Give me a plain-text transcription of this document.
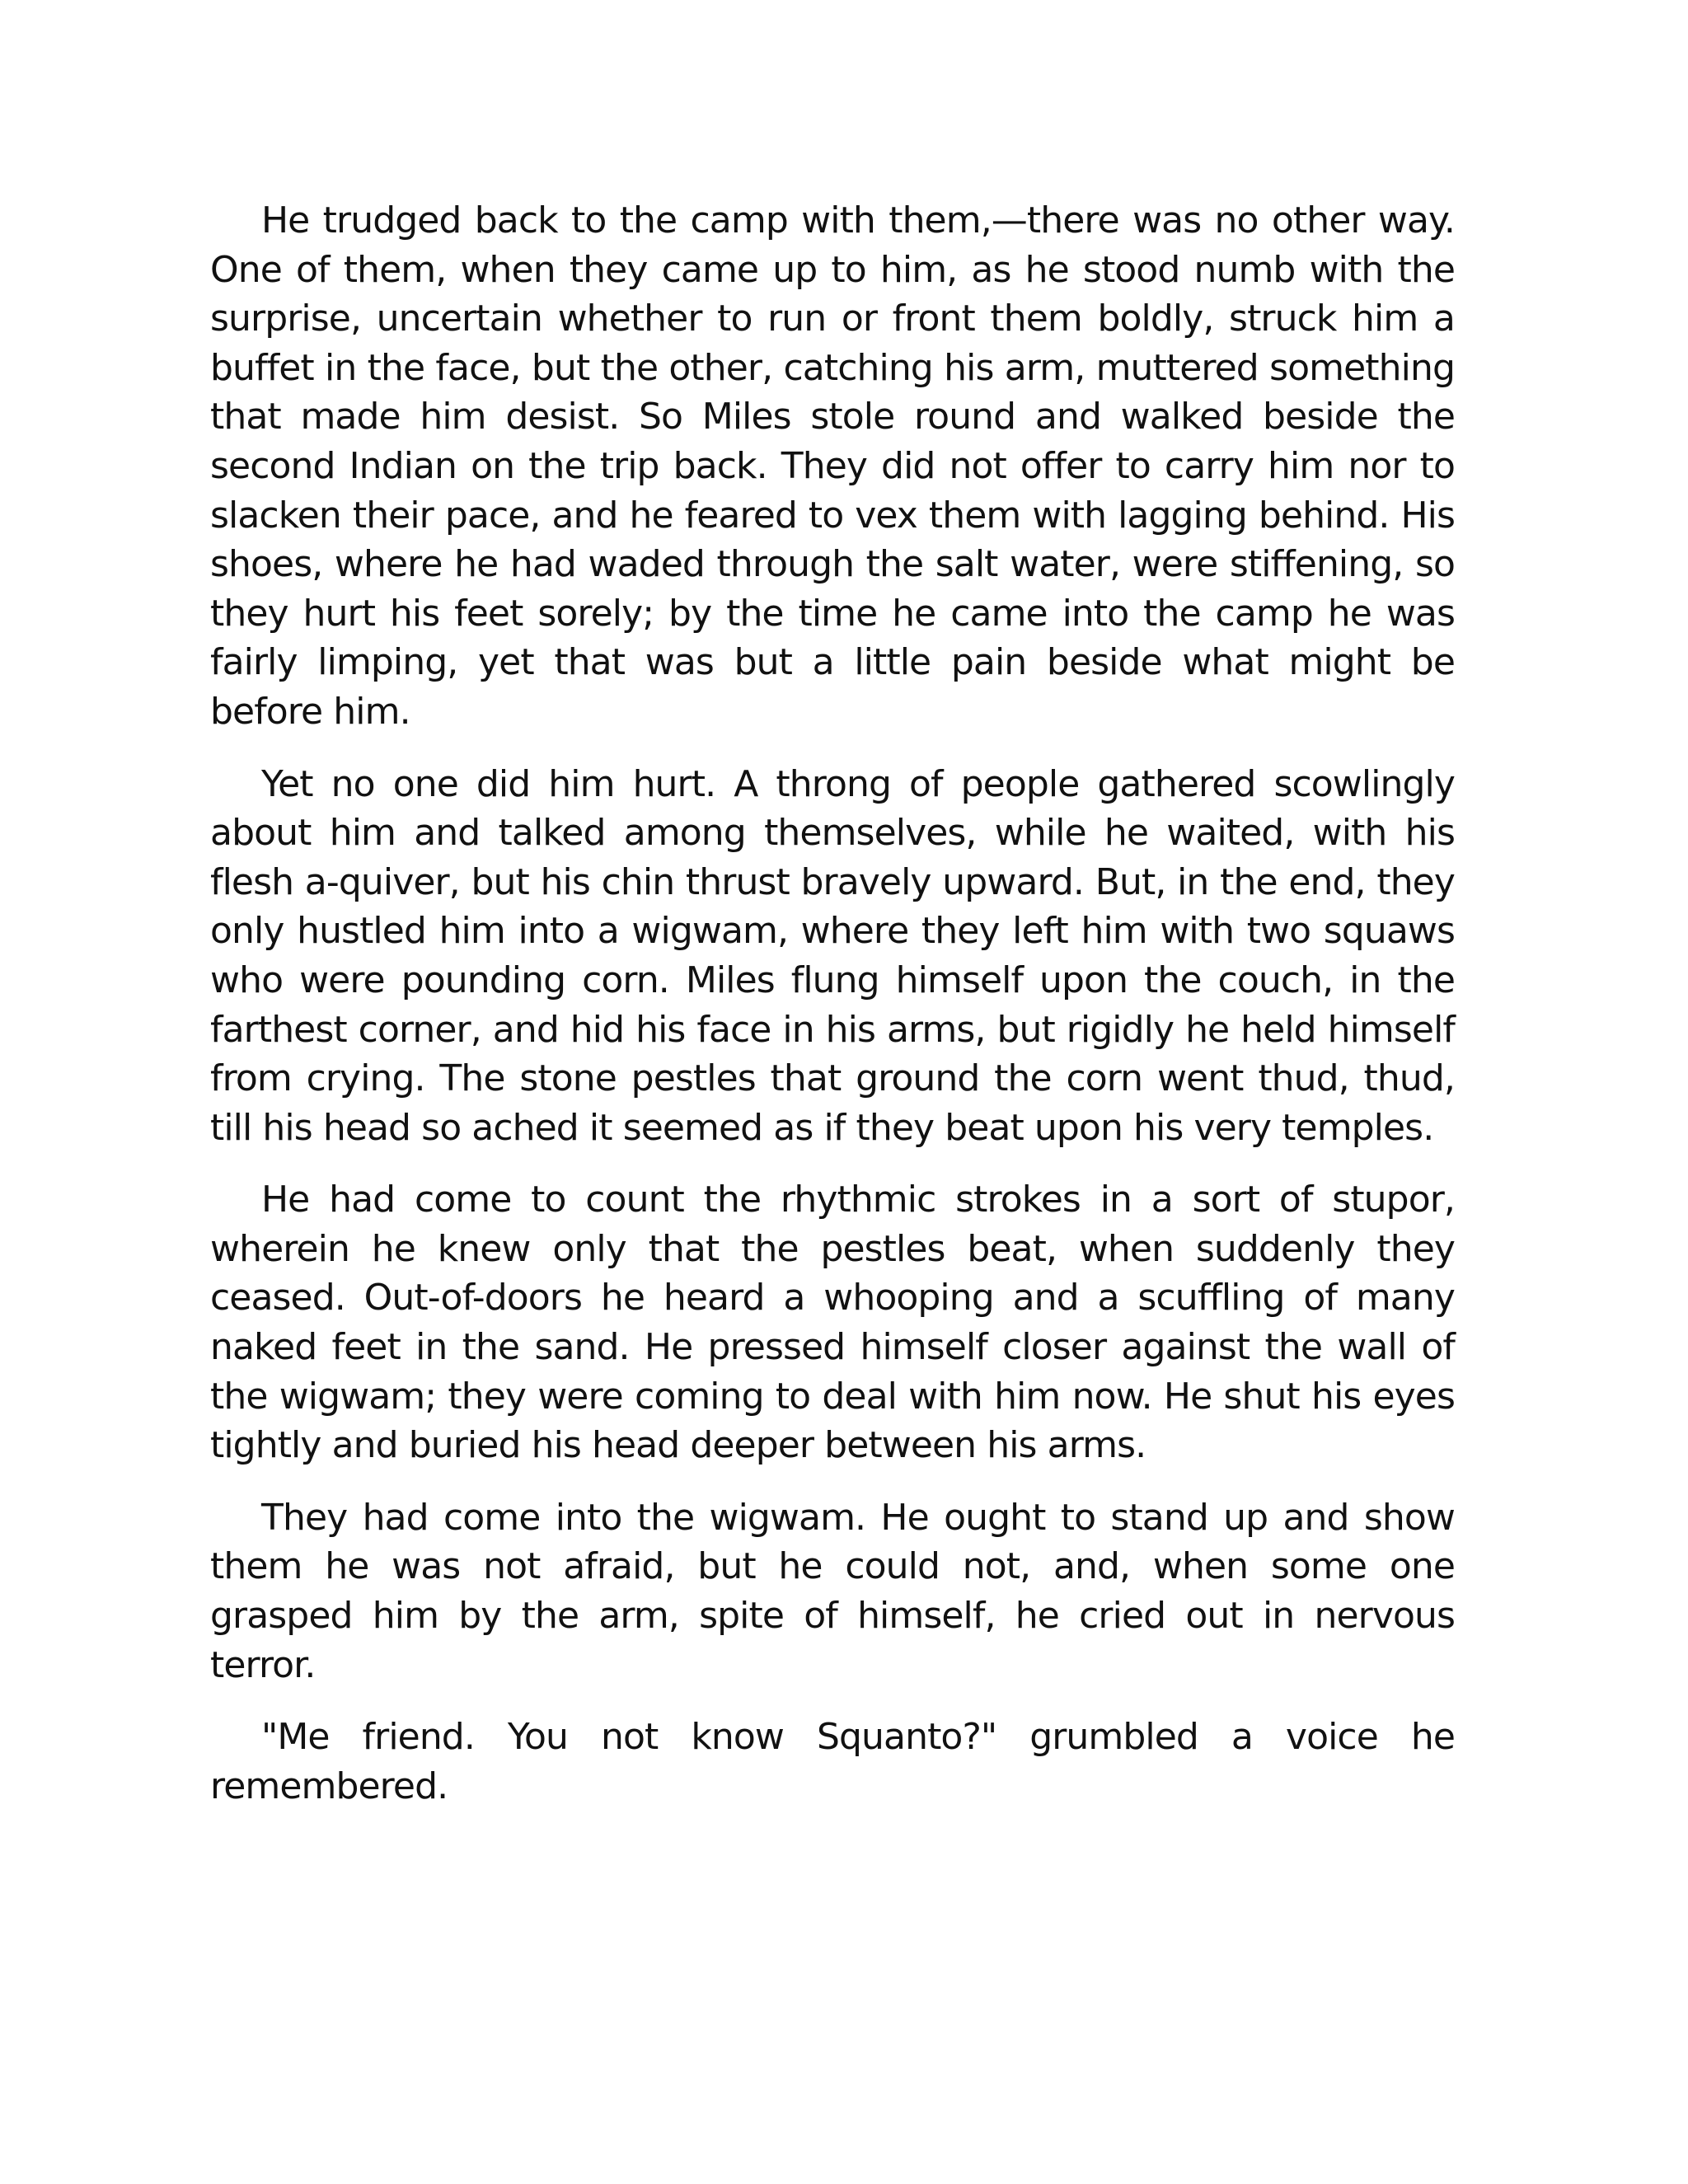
He trudged back to the camp with them,—there was no other way. One of them, when they came up to him, as he stood numb with the surprise, uncertain whether to run or front them boldly, struck him a buffet in the face, but the other, catching his arm, muttered something that made him desist. So Miles stole round and walked beside the second Indian on the trip back. They did not offer to carry him nor to slacken their pace, and he feared to vex them with lagging behind. His shoes, where he had waded through the salt water, were stiffening, so they hurt his feet sorely; by the time he came into the camp he was fairly limping, yet that was but a little pain beside what might be before him.

Yet no one did him hurt. A throng of people gathered scowlingly about him and talked among themselves, while he waited, with his flesh a-quiver, but his chin thrust bravely upward. But, in the end, they only hustled him into a wigwam, where they left him with two squaws who were pounding corn. Miles flung himself upon the couch, in the farthest corner, and hid his face in his arms, but rigidly he held himself from crying. The stone pestles that ground the corn went thud, thud, till his head so ached it seemed as if they beat upon his very temples.

He had come to count the rhythmic strokes in a sort of stupor, wherein he knew only that the pestles beat, when suddenly they ceased. Out-of-doors he heard a whooping and a scuffling of many naked feet in the sand. He pressed himself closer against the wall of the wigwam; they were coming to deal with him now. He shut his eyes tightly and buried his head deeper between his arms.

They had come into the wigwam. He ought to stand up and show them he was not afraid, but he could not, and, when some one grasped him by the arm, spite of himself, he cried out in nervous terror.

"Me friend. You not know Squanto?" grumbled a voice he remembered.
